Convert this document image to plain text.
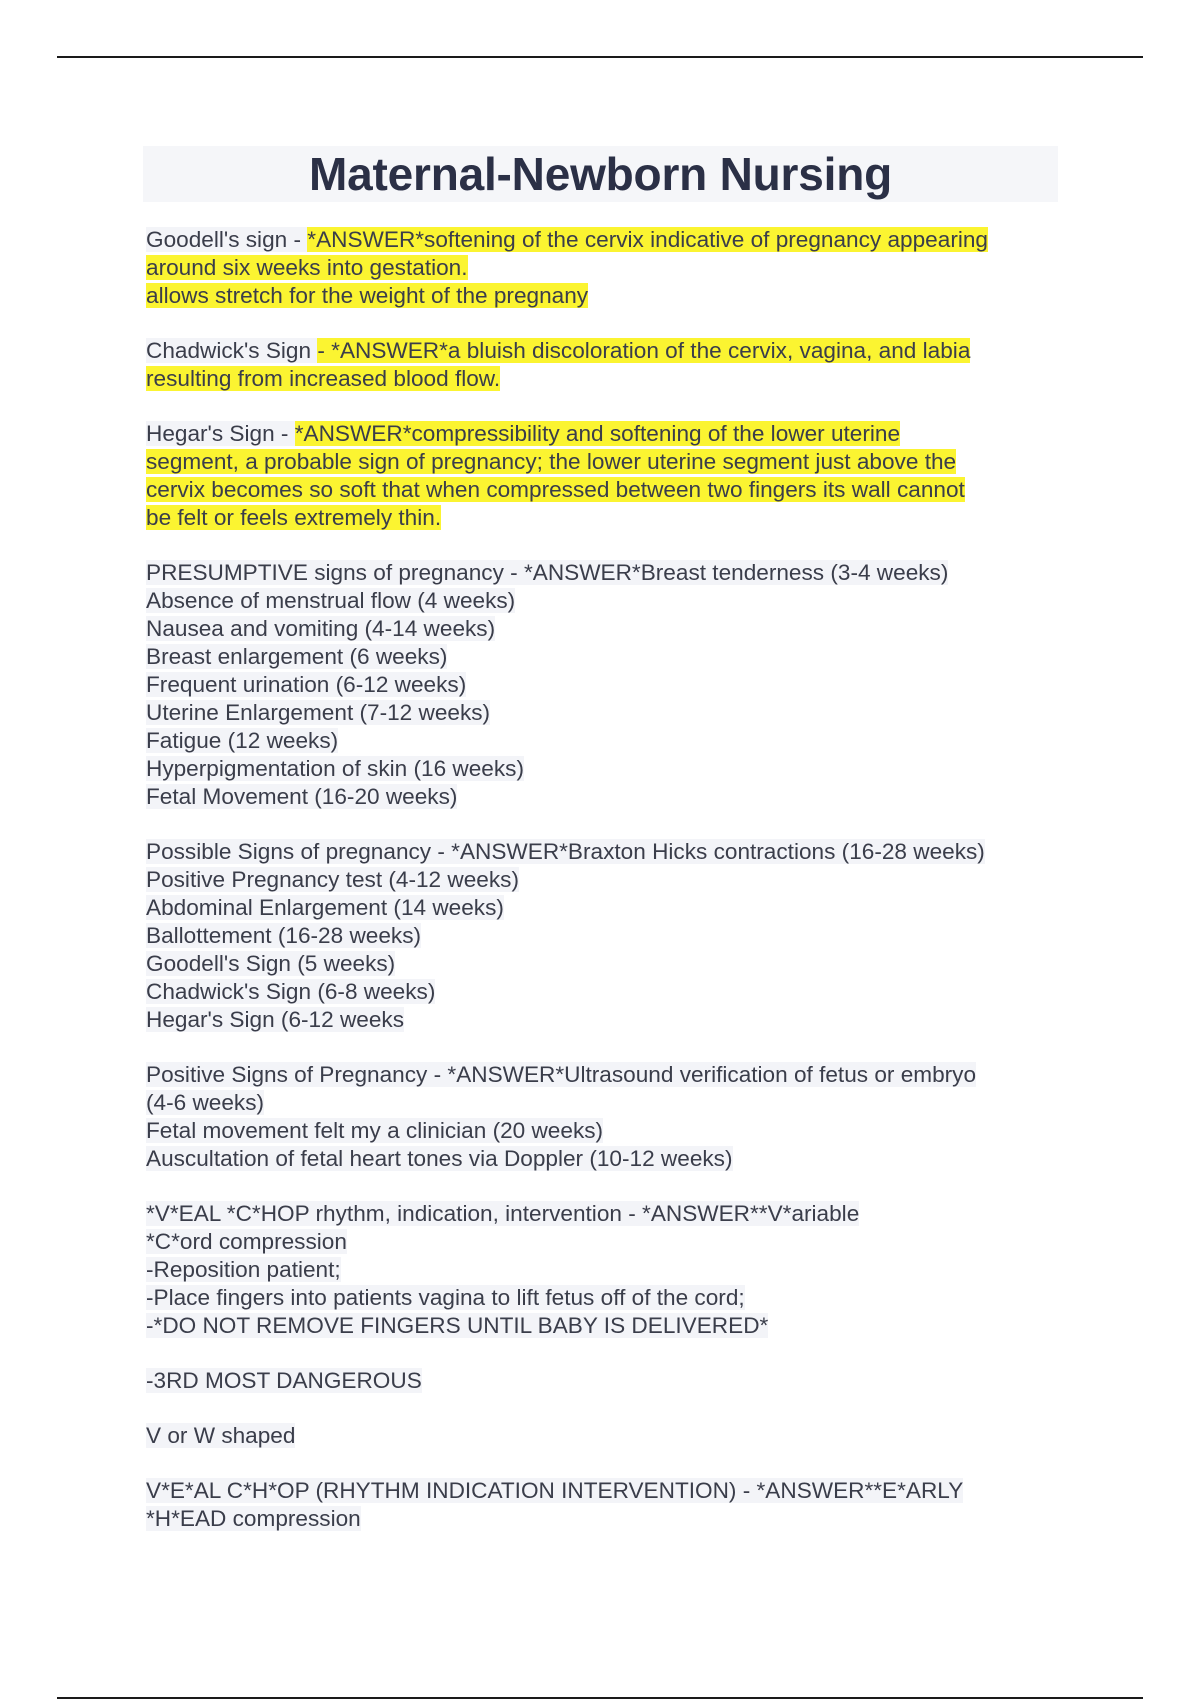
Maternal-Newborn Nursing
Goodell's sign - *ANSWER*softening of the cervix indicative of pregnancy appearing
around six weeks into gestation.
allows stretch for the weight of the pregnany
Chadwick's Sign - *ANSWER*a bluish discoloration of the cervix, vagina, and labia
resulting from increased blood flow.
Hegar's Sign - *ANSWER*compressibility and softening of the lower uterine
segment, a probable sign of pregnancy; the lower uterine segment just above the
cervix becomes so soft that when compressed between two fingers its wall cannot
be felt or feels extremely thin.
PRESUMPTIVE signs of pregnancy - *ANSWER*Breast tenderness (3-4 weeks)
Absence of menstrual flow (4 weeks)
Nausea and vomiting (4-14 weeks)
Breast enlargement (6 weeks)
Frequent urination (6-12 weeks)
Uterine Enlargement (7-12 weeks)
Fatigue (12 weeks)
Hyperpigmentation of skin (16 weeks)
Fetal Movement (16-20 weeks)
Possible Signs of pregnancy - *ANSWER*Braxton Hicks contractions (16-28 weeks)
Positive Pregnancy test (4-12 weeks)
Abdominal Enlargement (14 weeks)
Ballottement (16-28 weeks)
Goodell's Sign (5 weeks)
Chadwick's Sign (6-8 weeks)
Hegar's Sign (6-12 weeks
Positive Signs of Pregnancy - *ANSWER*Ultrasound verification of fetus or embryo
(4-6 weeks)
Fetal movement felt my a clinician (20 weeks)
Auscultation of fetal heart tones via Doppler (10-12 weeks)
*V*EAL *C*HOP rhythm, indication, intervention - *ANSWER**V*ariable
*C*ord compression
-Reposition patient;
-Place fingers into patients vagina to lift fetus off of the cord;
-*DO NOT REMOVE FINGERS UNTIL BABY IS DELIVERED*
-3RD MOST DANGEROUS
V or W shaped
V*E*AL C*H*OP (RHYTHM INDICATION INTERVENTION) - *ANSWER**E*ARLY
*H*EAD compression
